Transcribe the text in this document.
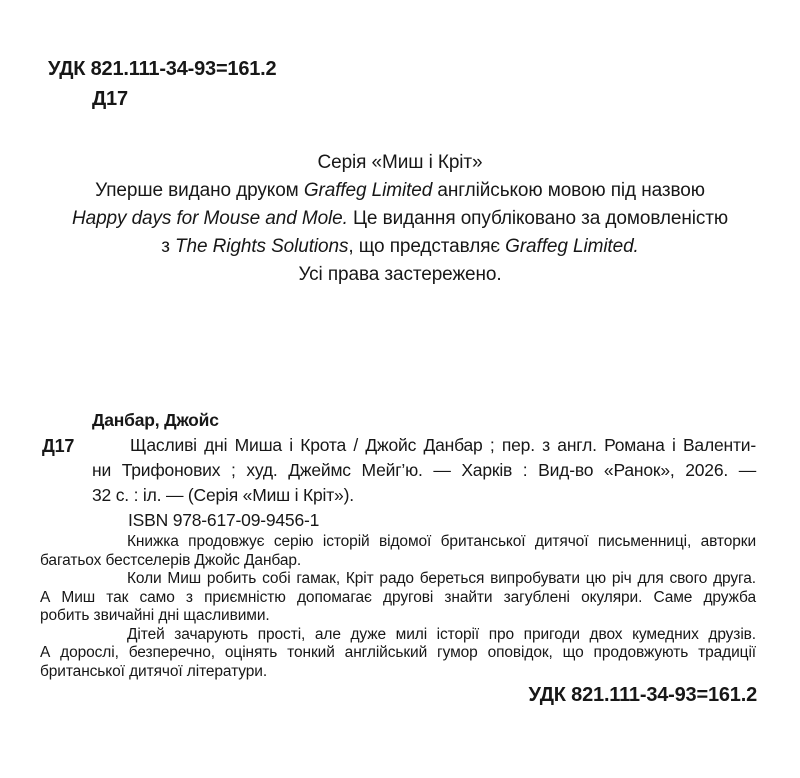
УДК 821.111-34-93=161.2
Д17
Серія «Миш і Кріт»
Уперше видано друком Graffeg Limited англійською мовою під назвою
Happy days for Mouse and Mole. Це видання опубліковано за домовленістю
з The Rights Solutions, що представляє Graffeg Limited.
Усі права застережено.
Д17
Данбар, Джойс
Щасливі дні Миша і Крота / Джойс Данбар ; пер. з англ. Романа і Валенти-
ни Трифонових ; худ. Джеймс Мейг’ю. — Харків : Вид-во «Ранок», 2026. —
32 с. : іл. — (Серія «Миш і Кріт»).
ISBN 978-617-09-9456-1
Книжка продовжує серію історій відомої британської дитячої письменниці, авторки
багатьох бестселерів Джойс Данбар.
Коли Миш робить собі гамак, Кріт радо береться випробувати цю річ для свого друга.
А Миш так само з приємністю допомагає другові знайти загублені окуляри. Саме дружба
робить звичайні дні щасливими.
Дітей зачарують прості, але дуже милі історії про пригоди двох кумедних друзів.
А дорослі, безперечно, оцінять тонкий англійський гумор оповідок, що продовжують традиції
британської дитячої літератури.
УДК 821.111-34-93=161.2
